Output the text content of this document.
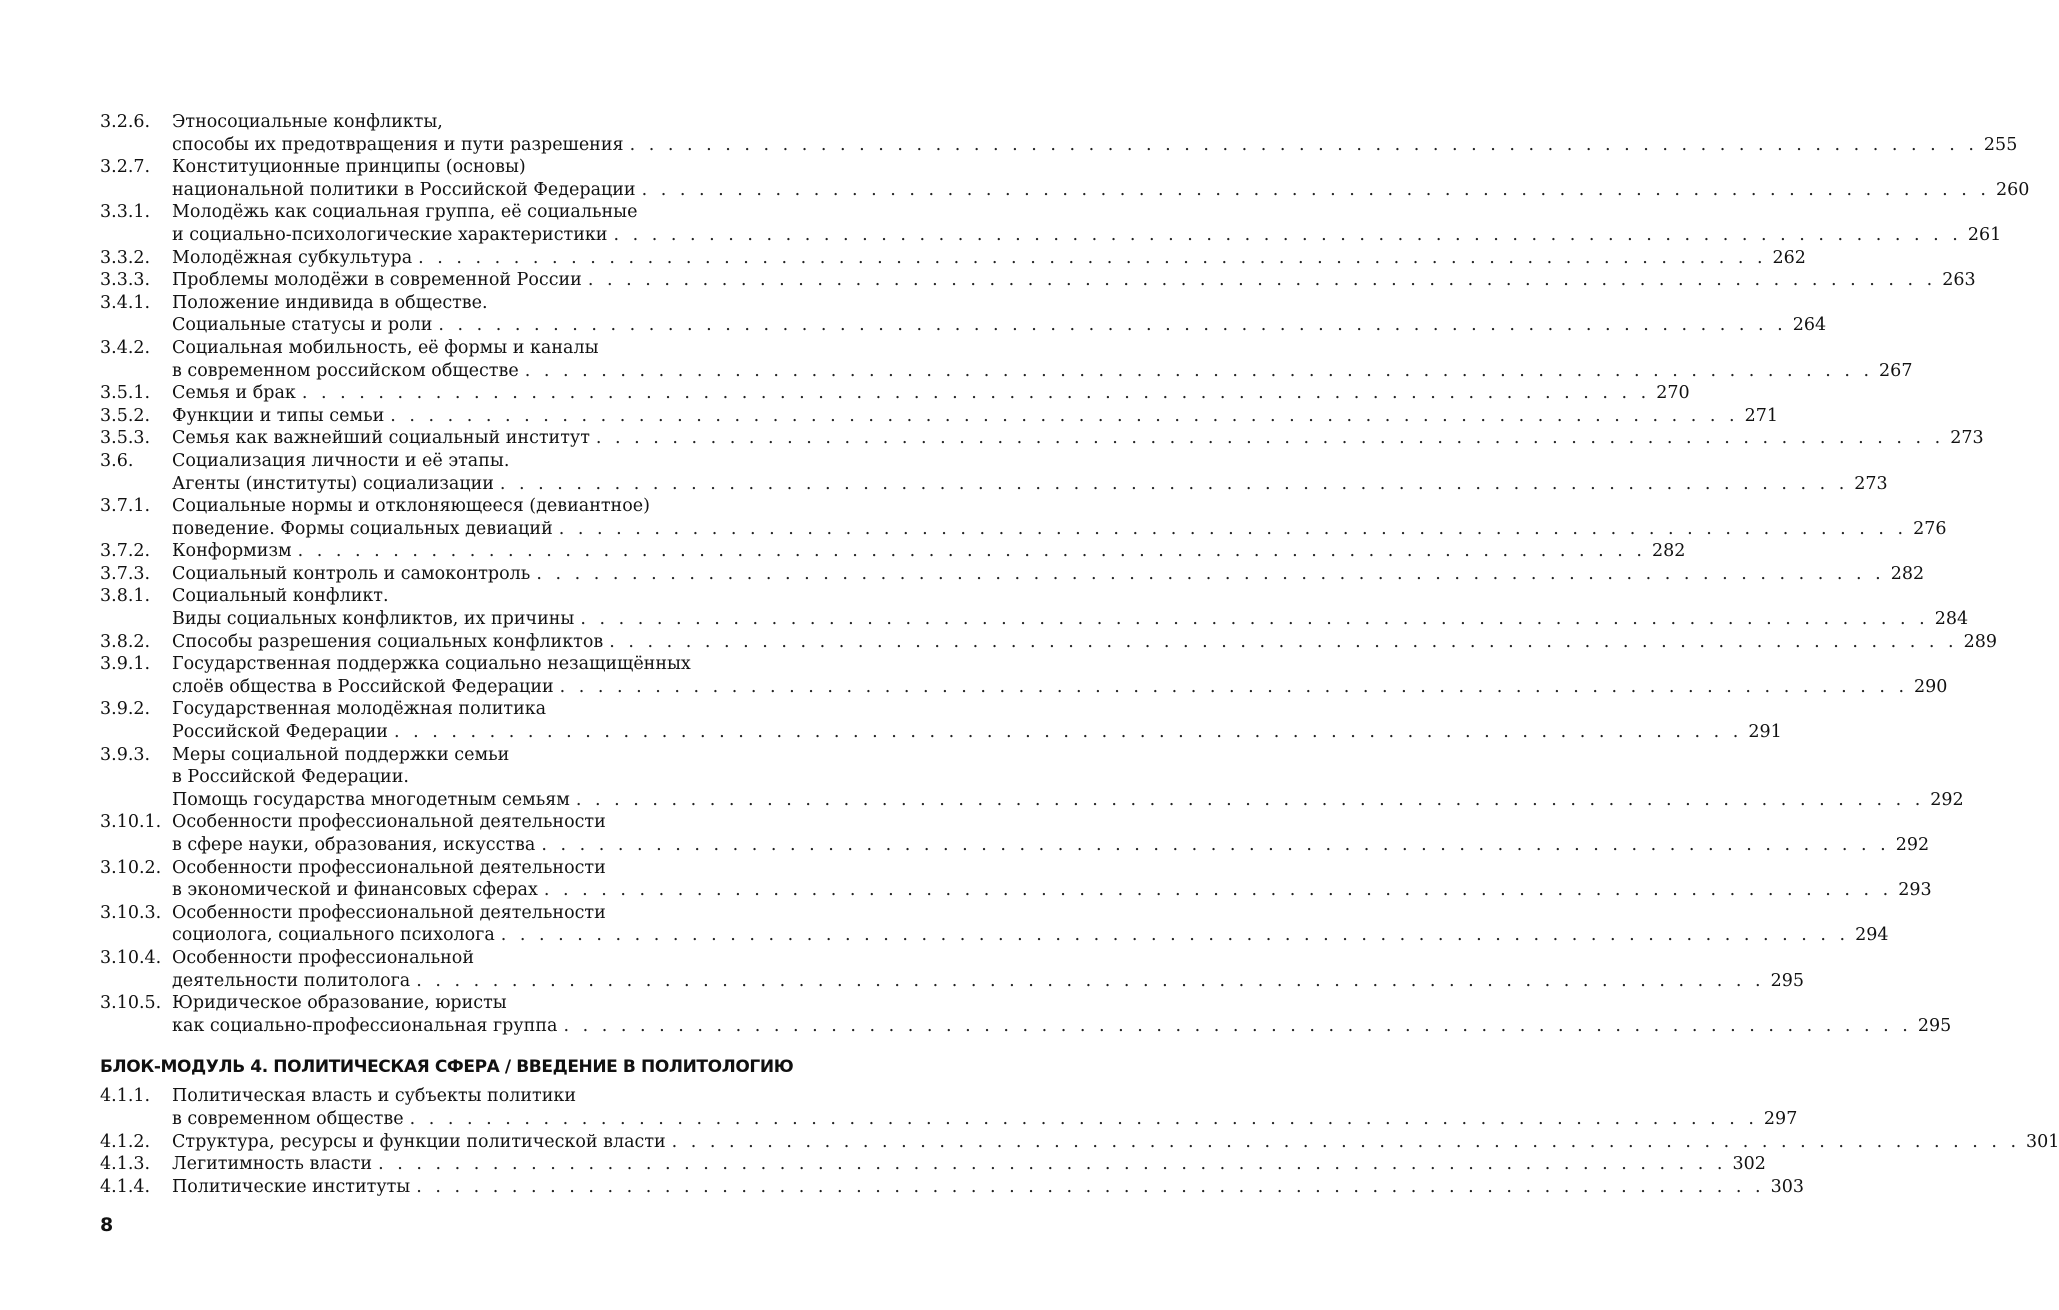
3.2.6.	Этносоциальные конфликты,
способы их предотвращения и пути разрешения . . . . . . . . . . . . . . . . . . . . . . . . . . . . . . . . . . . . . . . . . . . . . . . . . . . . . . . . . . . . . . . . . . . . . . . 255
3.2.7.	Конституционные принципы (основы)
национальной политики в Российской Федерации . . . . . . . . . . . . . . . . . . . . . . . . . . . . . . . . . . . . . . . . . . . . . . . . . . . . . . . . . . . . . . . . . . . . . . . 260
3.3.1.	Молодёжь как социальная группа, её социальные
и социально-психологические характеристики . . . . . . . . . . . . . . . . . . . . . . . . . . . . . . . . . . . . . . . . . . . . . . . . . . . . . . . . . . . . . . . . . . . . . . . 261
3.3.2.	Молодёжная субкультура . . . . . . . . . . . . . . . . . . . . . . . . . . . . . . . . . . . . . . . . . . . . . . . . . . . . . . . . . . . . . . . . . . . . . . . 262
3.3.3.	Проблемы молодёжи в современной России . . . . . . . . . . . . . . . . . . . . . . . . . . . . . . . . . . . . . . . . . . . . . . . . . . . . . . . . . . . . . . . . . . . . . . . 263
3.4.1.	Положение индивида в обществе.
Социальные статусы и роли . . . . . . . . . . . . . . . . . . . . . . . . . . . . . . . . . . . . . . . . . . . . . . . . . . . . . . . . . . . . . . . . . . . . . . . 264
3.4.2.	Социальная мобильность, её формы и каналы
в современном российском обществе . . . . . . . . . . . . . . . . . . . . . . . . . . . . . . . . . . . . . . . . . . . . . . . . . . . . . . . . . . . . . . . . . . . . . . . 267
3.5.1.	Семья и брак . . . . . . . . . . . . . . . . . . . . . . . . . . . . . . . . . . . . . . . . . . . . . . . . . . . . . . . . . . . . . . . . . . . . . . . 270
3.5.2.	Функции и типы семьи . . . . . . . . . . . . . . . . . . . . . . . . . . . . . . . . . . . . . . . . . . . . . . . . . . . . . . . . . . . . . . . . . . . . . . . 271
3.5.3.	Семья как важнейший социальный институт . . . . . . . . . . . . . . . . . . . . . . . . . . . . . . . . . . . . . . . . . . . . . . . . . . . . . . . . . . . . . . . . . . . . . . . 273
3.6.	Социализация личности и её этапы.
Агенты (институты) социализации . . . . . . . . . . . . . . . . . . . . . . . . . . . . . . . . . . . . . . . . . . . . . . . . . . . . . . . . . . . . . . . . . . . . . . . 273
3.7.1.	Социальные нормы и отклоняющееся (девиантное)
поведение. Формы социальных девиаций . . . . . . . . . . . . . . . . . . . . . . . . . . . . . . . . . . . . . . . . . . . . . . . . . . . . . . . . . . . . . . . . . . . . . . . 276
3.7.2.	Конформизм . . . . . . . . . . . . . . . . . . . . . . . . . . . . . . . . . . . . . . . . . . . . . . . . . . . . . . . . . . . . . . . . . . . . . . . 282
3.7.3.	Социальный контроль и самоконтроль . . . . . . . . . . . . . . . . . . . . . . . . . . . . . . . . . . . . . . . . . . . . . . . . . . . . . . . . . . . . . . . . . . . . . . . 282
3.8.1.	Социальный конфликт.
Виды социальных конфликтов, их причины . . . . . . . . . . . . . . . . . . . . . . . . . . . . . . . . . . . . . . . . . . . . . . . . . . . . . . . . . . . . . . . . . . . . . . . 284
3.8.2.	Способы разрешения социальных конфликтов . . . . . . . . . . . . . . . . . . . . . . . . . . . . . . . . . . . . . . . . . . . . . . . . . . . . . . . . . . . . . . . . . . . . . . . 289
3.9.1.	Государственная поддержка социально незащищённых
слоёв общества в Российской Федерации . . . . . . . . . . . . . . . . . . . . . . . . . . . . . . . . . . . . . . . . . . . . . . . . . . . . . . . . . . . . . . . . . . . . . . . 290
3.9.2.	Государственная молодёжная политика
Российской Федерации . . . . . . . . . . . . . . . . . . . . . . . . . . . . . . . . . . . . . . . . . . . . . . . . . . . . . . . . . . . . . . . . . . . . . . . 291
3.9.3.	Меры социальной поддержки семьи
в Российской Федерации.
Помощь государства многодетным семьям . . . . . . . . . . . . . . . . . . . . . . . . . . . . . . . . . . . . . . . . . . . . . . . . . . . . . . . . . . . . . . . . . . . . . . . 292
3.10.1. Особенности профессиональной деятельности
в сфере науки, образования, искусства . . . . . . . . . . . . . . . . . . . . . . . . . . . . . . . . . . . . . . . . . . . . . . . . . . . . . . . . . . . . . . . . . . . . . . . 292
3.10.2. Особенности профессиональной деятельности
в экономической и финансовых сферах . . . . . . . . . . . . . . . . . . . . . . . . . . . . . . . . . . . . . . . . . . . . . . . . . . . . . . . . . . . . . . . . . . . . . . . 293
3.10.3. Особенности профессиональной деятельности
социолога, социального психолога . . . . . . . . . . . . . . . . . . . . . . . . . . . . . . . . . . . . . . . . . . . . . . . . . . . . . . . . . . . . . . . . . . . . . . . 294
3.10.4. Особенности профессиональной
деятельности политолога . . . . . . . . . . . . . . . . . . . . . . . . . . . . . . . . . . . . . . . . . . . . . . . . . . . . . . . . . . . . . . . . . . . . . . . 295
3.10.5. Юридическое образование, юристы
как социально-профессиональная группа . . . . . . . . . . . . . . . . . . . . . . . . . . . . . . . . . . . . . . . . . . . . . . . . . . . . . . . . . . . . . . . . . . . . . . . 295
БЛОК-МОДУЛЬ 4. ПОЛИТИЧЕСКАЯ СФЕРА / ВВЕДЕНИЕ В ПОЛИТОЛОГИЮ
4.1.1.	Политическая власть и субъекты политики
в современном обществе . . . . . . . . . . . . . . . . . . . . . . . . . . . . . . . . . . . . . . . . . . . . . . . . . . . . . . . . . . . . . . . . . . . . . . . 297
4.1.2.	Структура, ресурсы и функции политической власти . . . . . . . . . . . . . . . . . . . . . . . . . . . . . . . . . . . . . . . . . . . . . . . . . . . . . . . . . . . . . . . . . . . . . . . 301
4.1.3.	Легитимность власти . . . . . . . . . . . . . . . . . . . . . . . . . . . . . . . . . . . . . . . . . . . . . . . . . . . . . . . . . . . . . . . . . . . . . . . 302
4.1.4.	Политические институты . . . . . . . . . . . . . . . . . . . . . . . . . . . . . . . . . . . . . . . . . . . . . . . . . . . . . . . . . . . . . . . . . . . . . . . 303
8
